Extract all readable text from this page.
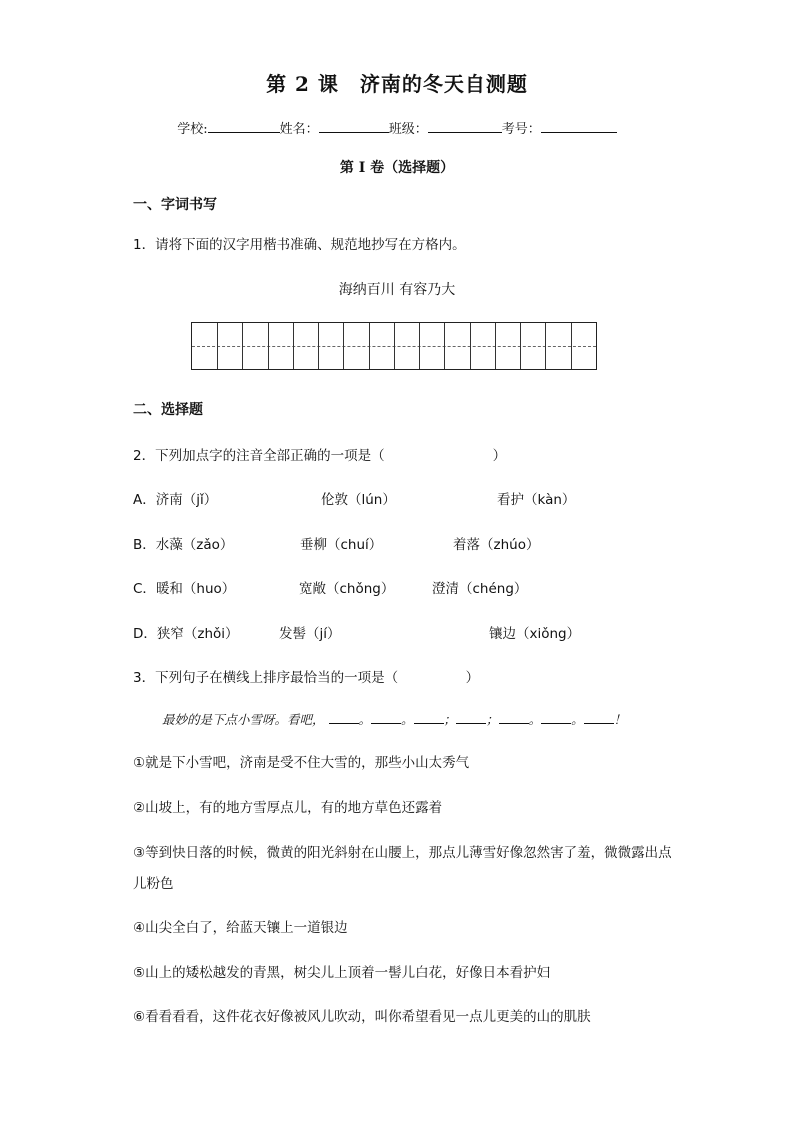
第 2 课　济南的冬天自测题
学校:	姓名：	班级：	考号：
第 I 卷（选择题）
一、字词书写
1．请将下面的汉字用楷书准确、规范地抄写在方格内。
海纳百川 有容乃大
二、选择题
2．下列加点字的注音全部正确的一项是（　　　　　　　　）
A．济南（jǐ）	伦敦（lún）	看护（kàn）
B．水藻（zǎo）	垂柳（chuí）	着落（zhúo）
C．暖和（huo）	宽敞（chǒng）	澄清（chéng）
D．狭窄（zhǒi）	发髻（jí）	镶边（xiǒng）
3．下列句子在横线上排序最恰当的一项是（　　　　　）
最妙的是下点小雪呀。看吧，	。 。 ； ； 。 。 ！
①就是下小雪吧，济南是受不住大雪的，那些小山太秀气
②山坡上，有的地方雪厚点儿，有的地方草色还露着
③等到快日落的时候，微黄的阳光斜射在山腰上，那点儿薄雪好像忽然害了羞，微微露出点儿粉色
④山尖全白了，给蓝天镶上一道银边
⑤山上的矮松越发的青黑，树尖儿上顶着一髻儿白花，好像日本看护妇
⑥看看看看，这件花衣好像被风儿吹动，叫你希望看见一点儿更美的山的肌肤
